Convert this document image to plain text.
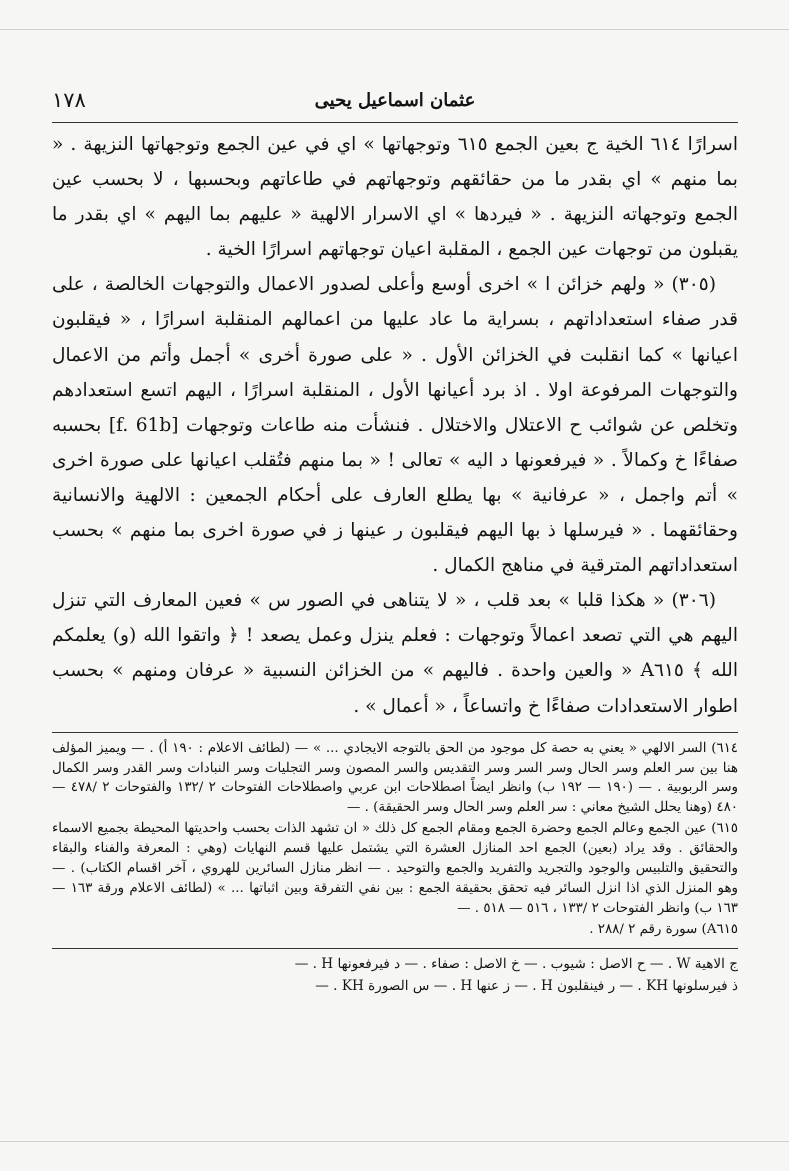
عثمان اسماعيل يحيى
١٧٨

اسرارًا ٦١٤ الخية ج بعين الجمع ٦١٥ وتوجهاتها » اي في عين الجمع وتوجهاتها النزيهة . « بما منهم » اي بقدر ما من حقائقهم وتوجهاتهم في طاعاتهم وبحسبها ، لا بحسب عين الجمع وتوجهاته النزيهة . « فيردها » اي الاسرار الالهية « عليهم بما اليهم » اي بقدر ما يقبلون من توجهات عين الجمع ، المقلبة اعيان توجهاتهم اسرارًا الخية .

(٣٠٥) « ولهم خزائن ا » اخرى أوسع وأعلى لصدور الاعمال والتوجهات الخالصة ، على قدر صفاء استعداداتهم ، بسراية ما عاد عليها من اعمالهم المنقلبة اسرارًا ، « فيقلبون اعيانها » كما انقلبت في الخزائن الأول . « على صورة أخرى » أجمل وأتم من الاعمال والتوجهات المرفوعة اولا . اذ برد أعيانها الأول ، المنقلبة اسرارًا ، اليهم اتسع استعدادهم وتخلص عن شوائب ح الاعتلال والاختلال . فنشأت منه طاعات وتوجهات [f. 61b] بحسبه صفاءًا خ وكمالاً . « فيرفعونها د اليه » تعالى ! « بما منهم فتُقلب اعيانها على صورة اخرى » أتم واجمل ، « عرفانية » بها يطلع العارف على أحكام الجمعين : الالهية والانسانية وحقائقهما . « فيرسلها ذ بها اليهم فيقلبون ر عينها ز في صورة اخرى بما منهم » بحسب استعداداتهم المترقية في مناهج الكمال .

(٣٠٦) « هكذا قلبا » بعد قلب ، « لا يتناهى في الصور س » فعين المعارف التي تنزل اليهم هي التي تصعد اعمالاً وتوجهات : فعلم ينزل وعمل يصعد ! ﴿ واتقوا الله (و) يعلمكم الله ﴾ A٦١٥ « والعين واحدة . فاليهم » من الخزائن النسبية « عرفان ومنهم » بحسب اطوار الاستعدادات صفاءًا خ واتساعاً ، « أعمال » .

٦١٤) السر الالهي « يعني به حصة كل موجود من الحق بالتوجه الايجادي ... » — (لطائف الاعلام : ١٩٠ أ) . — ويميز المؤلف هنا بين سر العلم وسر الحال وسر السر وسر التقديس والسر المصون وسر التجليات وسر النبادات وسر القدر وسر الكمال وسر الربوبية . — (١٩٠ — ١٩٢ ب) وانظر ايضاً اصطلاحات ابن عربي واصطلاحات الفتوحات ٢ /١٣٢ والفتوحات ٢ /٤٧٨ — ٤٨٠ (وهنا يحلل الشيخ معاني : سر العلم وسر الحال وسر الحقيقة) . —

٦١٥) عين الجمع وعالم الجمع وحضرة الجمع ومقام الجمع كل ذلك « ان تشهد الذات بحسب واحديتها المحيطة بجميع الاسماء والحقائق . وقد يراد (بعين) الجمع احد المنازل العشرة التي يشتمل عليها قسم النهايات (وهي : المعرفة والفناء والبقاء والتحقيق والتلبيس والوجود والتجريد والتفريد والجمع والتوحيد . — انظر منازل السائرين للهروي ، آخر اقسام الكتاب) . — وهو المنزل الذي اذا انزل السائر فيه تحقق بحقيقة الجمع : بين نفي التفرقة وبين اثباتها ... » (لطائف الاعلام ورقة ١٦٣ — ١٦٣ ب) وانظر الفتوحات ٢ /١٣٣ ، ٥١٦ — ٥١٨ . —

A٦١٥) سورة رقم ٢ /٢٨٨ .

ج الاهية W . — ح الاصل : شيوب . — خ الاصل : صفاء . — د فيرفعونها H . —

ذ فيرسلونها KH . — ر فينقلبون H . — ز عنها H . — س الصورة KH . —
